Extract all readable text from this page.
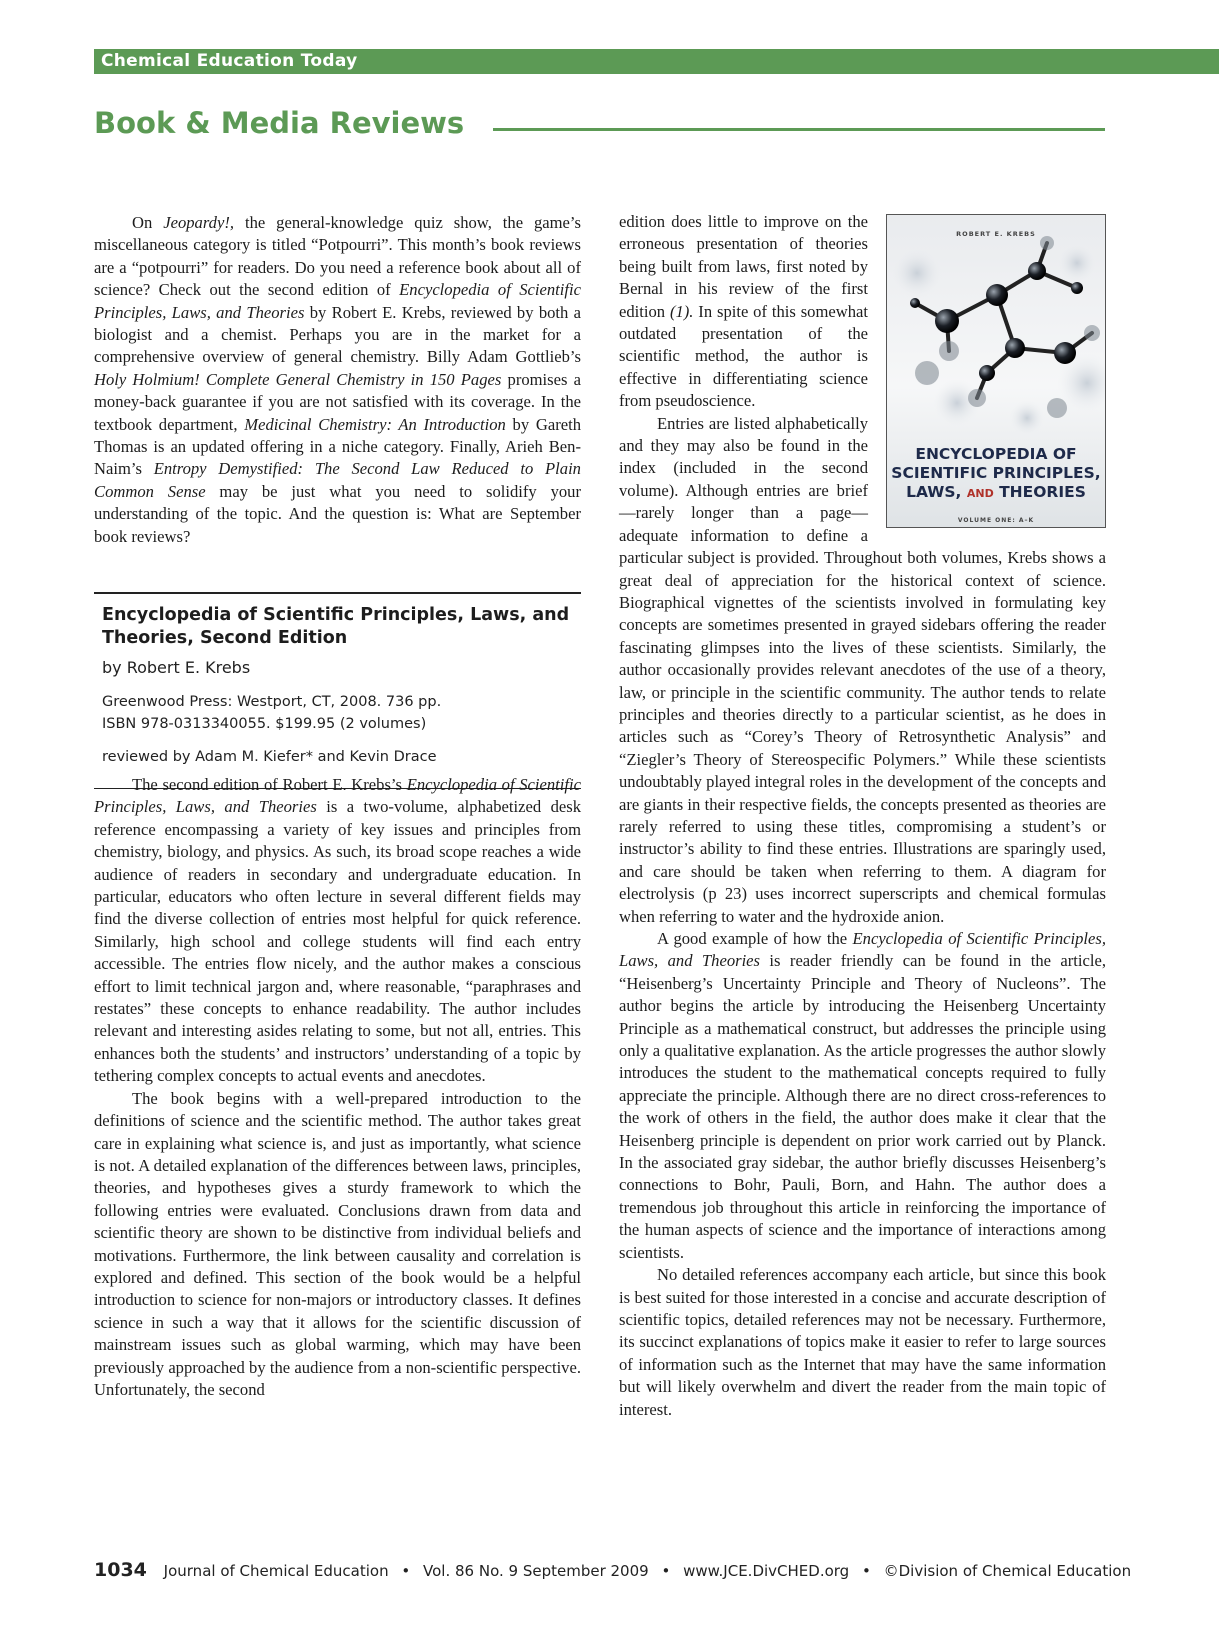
Chemical Education Today
Book & Media Reviews

On Jeopardy!, the general-knowledge quiz show, the game’s miscellaneous category is titled “Potpourri”. This month’s book reviews are a “potpourri” for readers. Do you need a reference book about all of science? Check out the second edition of Encyclopedia of Scientific Principles, Laws, and Theories by Robert E. Krebs, reviewed by both a biologist and a chemist. Perhaps you are in the market for a comprehensive overview of general chemistry. Billy Adam Gottlieb’s Holy Holmium! Complete General Chemistry in 150 Pages promises a money-back guarantee if you are not satisfied with its coverage. In the textbook department, Medicinal Chemistry: An Introduction by Gareth Thomas is an updated offering in a niche category. Finally, Arieh Ben-Naim’s Entropy Demystified: The Second Law Reduced to Plain Common Sense may be just what you need to solidify your understanding of the topic. And the question is: What are September book reviews?

Encyclopedia of Scientific Principles, Laws, and Theories, Second Edition
by Robert E. Krebs
Greenwood Press: Westport, CT, 2008. 736 pp.
ISBN 978-0313340055. $199.95 (2 volumes)
reviewed by Adam M. Kiefer* and Kevin Drace

The second edition of Robert E. Krebs’s Encyclopedia of Scientific Principles, Laws, and Theories is a two-volume, alphabetized desk reference encompassing a variety of key issues and principles from chemistry, biology, and physics. As such, its broad scope reaches a wide audience of readers in secondary and undergraduate education. In particular, educators who often lecture in several different fields may find the diverse collection of entries most helpful for quick reference. Similarly, high school and college students will find each entry accessible. The entries flow nicely, and the author makes a conscious effort to limit technical jargon and, where reasonable, “paraphrases and restates” these concepts to enhance readability. The author includes relevant and interesting asides relating to some, but not all, entries. This enhances both the students’ and instructors’ understanding of a topic by tethering complex concepts to actual events and anecdotes.

The book begins with a well-prepared introduction to the definitions of science and the scientific method. The author takes great care in explaining what science is, and just as importantly, what science is not. A detailed explanation of the differences between laws, principles, theories, and hypotheses gives a sturdy framework to which the following entries were evaluated. Conclusions drawn from data and scientific theory are shown to be distinctive from individual beliefs and motivations. Furthermore, the link between causality and correlation is explored and defined. This section of the book would be a helpful introduction to science for non-majors or introductory classes. It defines science in such a way that it allows for the scientific discussion of mainstream issues such as global warming, which may have been previously approached by the audience from a non-scientific perspective. Unfortunately, the second

ROBERT E. KREBS
ENCYCLOPEDIA OF
SCIENTIFIC PRINCIPLES,
LAWS, AND THEORIES
VOLUME ONE: A–K

edition does little to improve on the erroneous presentation of theories being built from laws, first noted by Bernal in his review of the first edition (1). In spite of this somewhat outdated presentation of the scientific method, the author is effective in differentiating science from pseudoscience.

Entries are listed alphabetically and they may also be found in the index (included in the second volume). Although entries are brief—rarely longer than a page—adequate information to define a particular subject is provided. Throughout both volumes, Krebs shows a great deal of appreciation for the historical context of science. Biographical vignettes of the scientists involved in formulating key concepts are sometimes presented in grayed sidebars offering the reader fascinating glimpses into the lives of these scientists. Similarly, the author occasionally provides relevant anecdotes of the use of a theory, law, or principle in the scientific community. The author tends to relate principles and theories directly to a particular scientist, as he does in articles such as “Corey’s Theory of Retrosynthetic Analysis” and “Ziegler’s Theory of Stereospecific Polymers.” While these scientists undoubtably played integral roles in the development of the concepts and are giants in their respective fields, the concepts presented as theories are rarely referred to using these titles, compromising a student’s or instructor’s ability to find these entries. Illustrations are sparingly used, and care should be taken when referring to them. A diagram for electrolysis (p 23) uses incorrect superscripts and chemical formulas when referring to water and the hydroxide anion.

A good example of how the Encyclopedia of Scientific Principles, Laws, and Theories is reader friendly can be found in the article, “Heisenberg’s Uncertainty Principle and Theory of Nucleons”. The author begins the article by introducing the Heisenberg Uncertainty Principle as a mathematical construct, but addresses the principle using only a qualitative explanation. As the article progresses the author slowly introduces the student to the mathematical concepts required to fully appreciate the principle. Although there are no direct cross-references to the work of others in the field, the author does make it clear that the Heisenberg principle is dependent on prior work carried out by Planck. In the associated gray sidebar, the author briefly discusses Heisenberg’s connections to Bohr, Pauli, Born, and Hahn. The author does a tremendous job throughout this article in reinforcing the importance of the human aspects of science and the importance of interactions among scientists.

No detailed references accompany each article, but since this book is best suited for those interested in a concise and accurate description of scientific topics, detailed references may not be necessary. Furthermore, its succinct explanations of topics make it easier to refer to large sources of information such as the Internet that may have the same information but will likely overwhelm and divert the reader from the main topic of interest.

1034 Journal of Chemical Education • Vol. 86 No. 9 September 2009 • www.JCE.DivCHED.org • ©Division of Chemical Education
